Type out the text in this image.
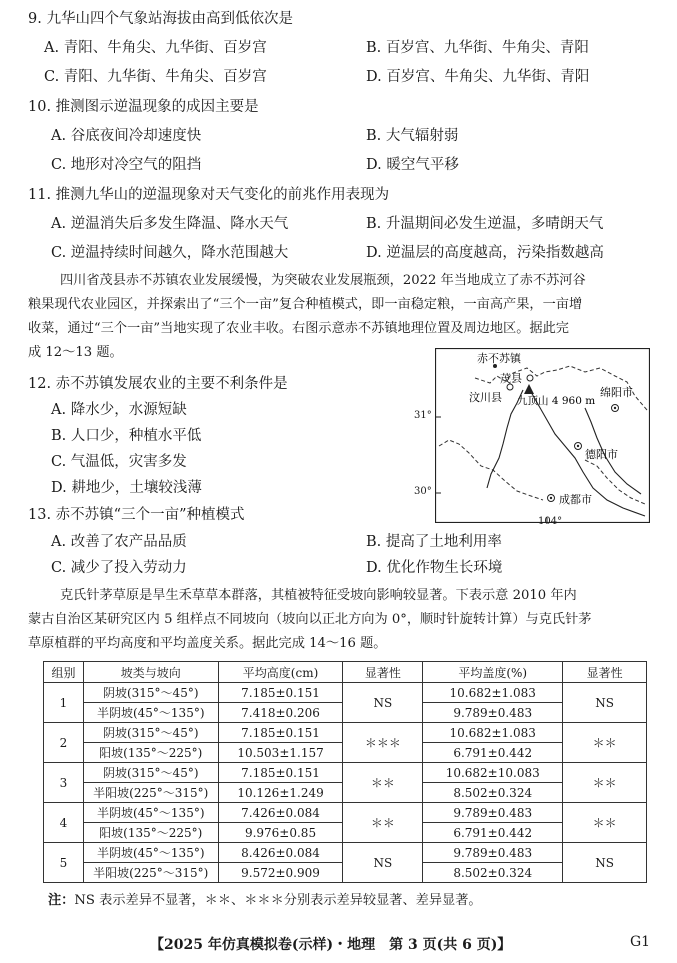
9. 九华山四个气象站海拔由高到低依次是
A. 青阳、牛角尖、九华街、百岁宫	B. 百岁宫、九华街、牛角尖、青阳
C. 青阳、九华街、牛角尖、百岁宫	D. 百岁宫、牛角尖、九华街、青阳
10. 推测图示逆温现象的成因主要是
A. 谷底夜间冷却速度快	B. 大气辐射弱
C. 地形对冷空气的阻挡	D. 暖空气平移
11. 推测九华山的逆温现象对天气变化的前兆作用表现为
A. 逆温消失后多发生降温、降水天气	B. 升温期间必发生逆温，多晴朗天气
C. 逆温持续时间越久，降水范围越大	D. 逆温层的高度越高，污染指数越高
四川省茂县赤不苏镇农业发展缓慢，为突破农业发展瓶颈，2022 年当地成立了赤不苏河谷
粮果现代农业园区，并探索出了“三个一亩”复合种植模式，即一亩稳定粮，一亩高产果，一亩增
收菜，通过“三个一亩”当地实现了农业丰收。右图示意赤不苏镇地理位置及周边地区。据此完
成 12～13 题。
12. 赤不苏镇发展农业的主要不利条件是
A. 降水少，水源短缺
B. 人口少，种植水平低
C. 气温低，灾害多发
D. 耕地少，土壤较浅薄
赤不苏镇
茂县
汶川县 九顶山 4 960 m
绵阳市
德阳市
成都市
31°
30°
104°
13. 赤不苏镇“三个一亩”种植模式
A. 改善了农产品品质	B. 提高了土地利用率
C. 减少了投入劳动力	D. 优化作物生长环境
克氏针茅草原是旱生禾草草本群落，其植被特征受坡向影响较显著。下表示意 2010 年内
蒙古自治区某研究区内 5 组样点不同坡向（坡向以正北方向为 0°，顺时针旋转计算）与克氏针茅
草原植群的平均高度和平均盖度关系。据此完成 14～16 题。
组别	坡类与坡向	平均高度(cm)	显著性	平均盖度(%)	显著性
1	阴坡(315°～45°)	7.185±0.151	NS	10.682±1.083	NS
	半阴坡(45°～135°)	7.418±0.206		9.789±0.483	
2	阴坡(315°～45°)	7.185±0.151	＊＊＊	10.682±1.083	＊＊
	阳坡(135°～225°)	10.503±1.157		6.791±0.442	
3	阴坡(315°～45°)	7.185±0.151	＊＊	10.682±10.083	＊＊
	半阳坡(225°～315°)	10.126±1.249		8.502±0.324	
4	半阴坡(45°～135°)	7.426±0.084	＊＊	9.789±0.483	＊＊
	阳坡(135°～225°)	9.976±0.85		6.791±0.442	
5	半阴坡(45°～135°)	8.426±0.084	NS	9.789±0.483	NS
	半阳坡(225°～315°)	9.572±0.909		8.502±0.324	
注：NS 表示差异不显著，＊＊、＊＊＊分别表示差异较显著、差异显著。
【2025 年仿真模拟卷(示样)・地理　第 3 页(共 6 页)】	G1
